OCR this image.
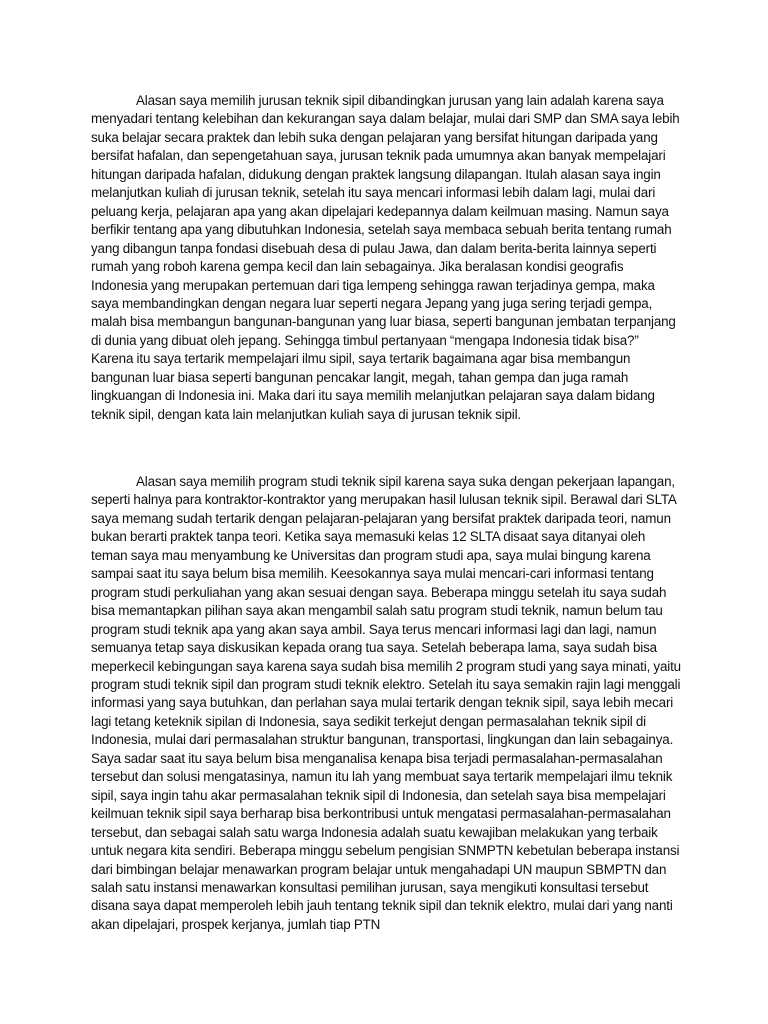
Alasan saya memilih jurusan teknik sipil dibandingkan jurusan yang lain adalah karena saya menyadari tentang kelebihan dan kekurangan saya dalam belajar, mulai dari SMP dan SMA saya lebih suka belajar secara praktek dan lebih suka dengan pelajaran yang bersifat hitungan daripada yang bersifat hafalan, dan sepengetahuan saya, jurusan teknik pada umumnya akan banyak mempelajari hitungan daripada hafalan, didukung dengan praktek langsung dilapangan. Itulah alasan saya ingin melanjutkan kuliah di jurusan teknik, setelah itu saya mencari informasi lebih dalam lagi, mulai dari peluang kerja, pelajaran apa yang akan dipelajari kedepannya dalam keilmuan masing. Namun saya berfikir tentang apa yang dibutuhkan Indonesia, setelah saya membaca sebuah berita tentang rumah yang dibangun tanpa fondasi disebuah desa di pulau Jawa, dan dalam berita-berita lainnya seperti rumah yang roboh karena gempa kecil dan lain sebagainya. Jika beralasan kondisi geografis Indonesia yang merupakan pertemuan dari tiga lempeng sehingga rawan terjadinya gempa, maka saya membandingkan dengan negara luar seperti negara Jepang yang juga sering terjadi gempa, malah bisa membangun bangunan-bangunan yang luar biasa, seperti bangunan jembatan terpanjang di dunia yang dibuat oleh jepang. Sehingga timbul pertanyaan “mengapa Indonesia tidak bisa?” Karena itu saya tertarik mempelajari ilmu sipil, saya tertarik bagaimana agar bisa membangun bangunan luar biasa seperti bangunan pencakar langit, megah, tahan gempa dan juga ramah lingkuangan di Indonesia ini. Maka dari itu saya memilih melanjutkan pelajaran saya dalam bidang teknik sipil, dengan kata lain melanjutkan kuliah saya di jurusan teknik sipil.

Alasan saya memilih program studi teknik sipil karena saya suka dengan pekerjaan lapangan, seperti halnya para kontraktor-kontraktor yang merupakan hasil lulusan teknik sipil. Berawal dari SLTA saya memang sudah tertarik dengan pelajaran-pelajaran yang bersifat praktek daripada teori, namun bukan berarti praktek tanpa teori. Ketika saya memasuki kelas 12 SLTA disaat saya ditanyai oleh teman saya mau menyambung ke Universitas dan program studi apa, saya mulai bingung karena sampai saat itu saya belum bisa memilih. Keesokannya saya mulai mencari-cari informasi tentang program studi perkuliahan yang akan sesuai dengan saya. Beberapa minggu setelah itu saya sudah bisa memantapkan pilihan saya akan mengambil salah satu program studi teknik, namun belum tau program studi teknik apa yang akan saya ambil. Saya terus mencari informasi lagi dan lagi, namun semuanya tetap saya diskusikan kepada orang tua saya. Setelah beberapa lama, saya sudah bisa meperkecil kebingungan saya karena saya sudah bisa memilih 2 program studi yang saya minati, yaitu program studi teknik sipil dan program studi teknik elektro. Setelah itu saya semakin rajin lagi menggali informasi yang saya butuhkan, dan perlahan saya mulai tertarik dengan teknik sipil, saya lebih mecari lagi tetang keteknik sipilan di Indonesia, saya sedikit terkejut dengan permasalahan teknik sipil di Indonesia, mulai dari permasalahan struktur bangunan, transportasi, lingkungan dan lain sebagainya. Saya sadar saat itu saya belum bisa menganalisa kenapa bisa terjadi permasalahan-permasalahan tersebut dan solusi mengatasinya, namun itu lah yang membuat saya tertarik mempelajari ilmu teknik sipil, saya ingin tahu akar permasalahan teknik sipil di Indonesia, dan setelah saya bisa mempelajari keilmuan teknik sipil saya berharap bisa berkontribusi untuk mengatasi permasalahan-permasalahan tersebut, dan sebagai salah satu warga Indonesia adalah suatu kewajiban melakukan yang terbaik untuk negara kita sendiri. Beberapa minggu sebelum pengisian SNMPTN kebetulan beberapa instansi dari bimbingan belajar menawarkan program belajar untuk mengahadapi UN maupun SBMPTN dan salah satu instansi menawarkan konsultasi pemilihan jurusan, saya mengikuti konsultasi tersebut disana saya dapat memperoleh lebih jauh tentang teknik sipil dan teknik elektro, mulai dari yang nanti akan dipelajari, prospek kerjanya, jumlah tiap PTN
